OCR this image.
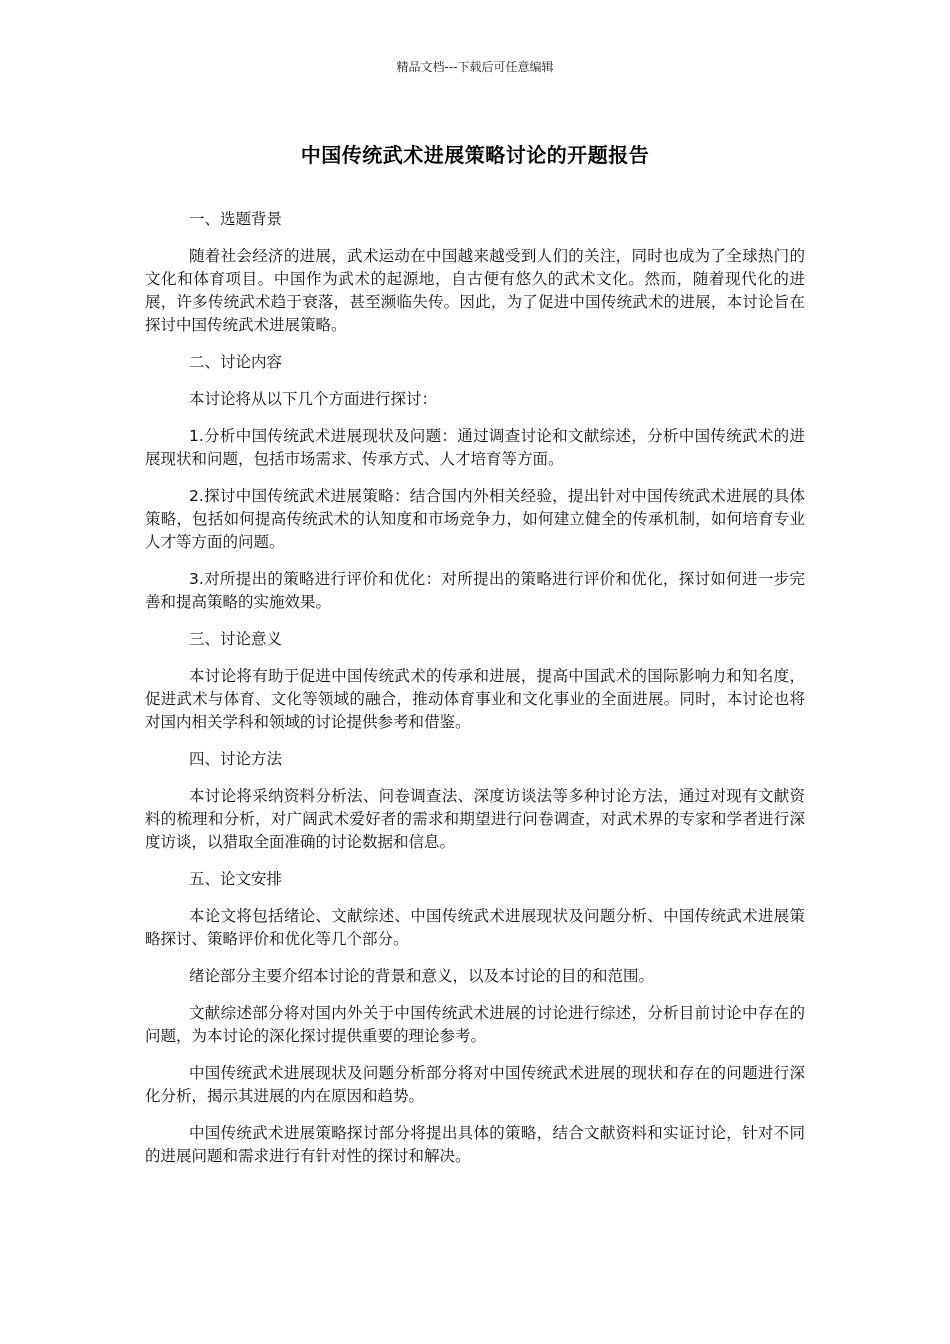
精品文档---下载后可任意编辑
中国传统武术进展策略讨论的开题报告

一、选题背景

随着社会经济的进展，武术运动在中国越来越受到人们的关注，同时也成为了全球热门的文化和体育项目。中国作为武术的起源地，自古便有悠久的武术文化。然而，随着现代化的进展，许多传统武术趋于衰落，甚至濒临失传。因此，为了促进中国传统武术的进展，本讨论旨在探讨中国传统武术进展策略。

二、讨论内容

本讨论将从以下几个方面进行探讨：

1.分析中国传统武术进展现状及问题：通过调查讨论和文献综述，分析中国传统武术的进展现状和问题，包括市场需求、传承方式、人才培育等方面。

2.探讨中国传统武术进展策略：结合国内外相关经验，提出针对中国传统武术进展的具体策略，包括如何提高传统武术的认知度和市场竞争力，如何建立健全的传承机制，如何培育专业人才等方面的问题。

3.对所提出的策略进行评价和优化：对所提出的策略进行评价和优化，探讨如何进一步完善和提高策略的实施效果。

三、讨论意义

本讨论将有助于促进中国传统武术的传承和进展，提高中国武术的国际影响力和知名度，促进武术与体育、文化等领域的融合，推动体育事业和文化事业的全面进展。同时，本讨论也将对国内相关学科和领域的讨论提供参考和借鉴。

四、讨论方法

本讨论将采纳资料分析法、问卷调查法、深度访谈法等多种讨论方法，通过对现有文献资料的梳理和分析，对广阔武术爱好者的需求和期望进行问卷调查，对武术界的专家和学者进行深度访谈，以猎取全面准确的讨论数据和信息。

五、论文安排

本论文将包括绪论、文献综述、中国传统武术进展现状及问题分析、中国传统武术进展策略探讨、策略评价和优化等几个部分。

绪论部分主要介绍本讨论的背景和意义，以及本讨论的目的和范围。

文献综述部分将对国内外关于中国传统武术进展的讨论进行综述，分析目前讨论中存在的问题，为本讨论的深化探讨提供重要的理论参考。

中国传统武术进展现状及问题分析部分将对中国传统武术进展的现状和存在的问题进行深化分析，揭示其进展的内在原因和趋势。

中国传统武术进展策略探讨部分将提出具体的策略，结合文献资料和实证讨论，针对不同的进展问题和需求进行有针对性的探讨和解决。
